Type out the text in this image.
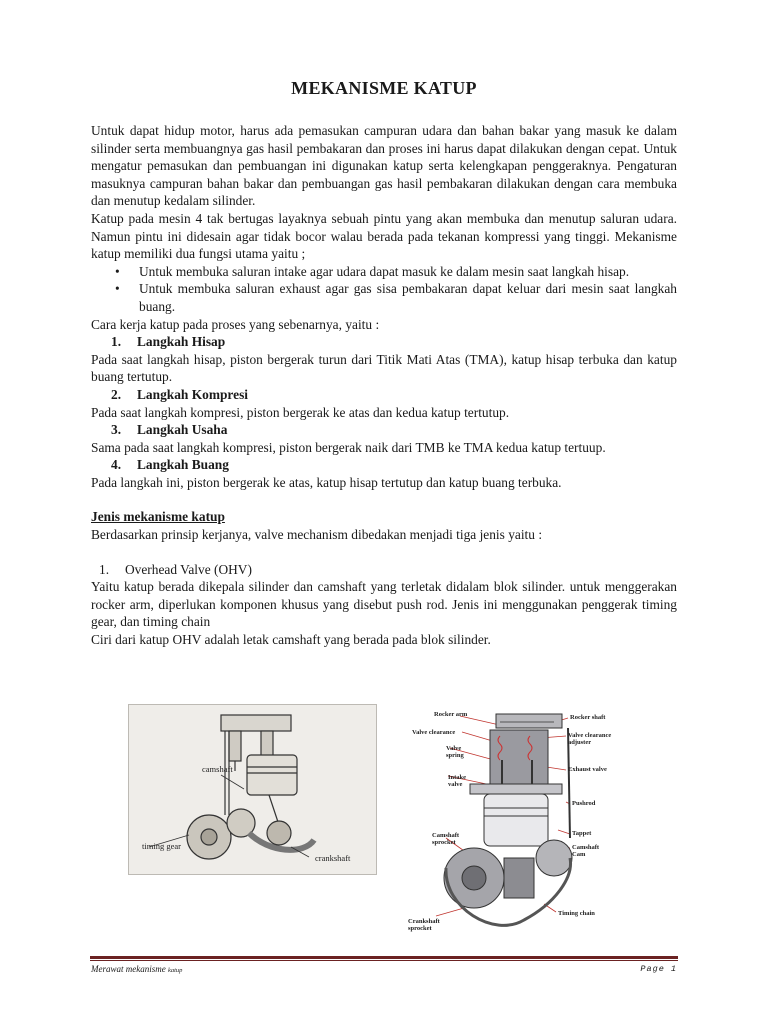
MEKANISME KATUP

Untuk dapat hidup motor, harus ada pemasukan campuran udara dan bahan bakar yang masuk ke dalam silinder serta membuangnya gas hasil pembakaran dan proses ini harus dapat dilakukan dengan cepat. Untuk mengatur pemasukan dan pembuangan ini digunakan katup serta kelengkapan penggeraknya. Pengaturan masuknya campuran bahan bakar dan pembuangan gas hasil pembakaran dilakukan dengan cara membuka dan menutup kedalam silinder.

Katup pada mesin 4 tak bertugas layaknya sebuah pintu yang akan membuka dan menutup saluran udara. Namun pintu ini didesain agar tidak bocor walau berada pada tekanan kompressi yang tinggi. Mekanisme katup memiliki dua fungsi utama yaitu ;

• Untuk membuka saluran intake agar udara dapat masuk ke dalam mesin saat langkah hisap.
• Untuk membuka saluran exhaust agar gas sisa pembakaran dapat keluar dari mesin saat langkah buang.

Cara kerja katup pada proses yang sebenarnya, yaitu :

1. Langkah Hisap

Pada saat langkah hisap, piston bergerak turun dari Titik Mati Atas (TMA), katup hisap terbuka dan katup buang tertutup.

2. Langkah Kompresi

Pada saat langkah kompresi, piston bergerak ke atas dan kedua katup tertutup.

3. Langkah Usaha

Sama pada saat langkah kompresi, piston bergerak naik dari TMB ke TMA kedua katup tertuup.

4. Langkah Buang

Pada langkah ini, piston bergerak ke atas, katup hisap tertutup dan katup buang terbuka.

Jenis mekanisme katup

Berdasarkan prinsip kerjanya, valve mechanism dibedakan menjadi tiga jenis yaitu :

1. Overhead Valve (OHV)

Yaitu katup berada dikepala silinder dan camshaft yang terletak didalam blok silinder. untuk menggerakan rocker arm, diperlukan komponen khusus yang disebut push rod. Jenis ini menggunakan penggerak timing gear, dan timing chain

Ciri dari katup OHV adalah letak camshaft yang berada pada blok silinder.

camshaft
timing gear
crankshaft
Rocker arm
Valve clearance
Valve spring
Intake valve
Camshaft sprocket
Crankshaft sprocket
Rocker shaft
Valve clearance adjuster
Exhaust valve
Pushrod
Tappet
Camshaft Cam
Timing chain
Merawat mekanisme katup	Page 1
